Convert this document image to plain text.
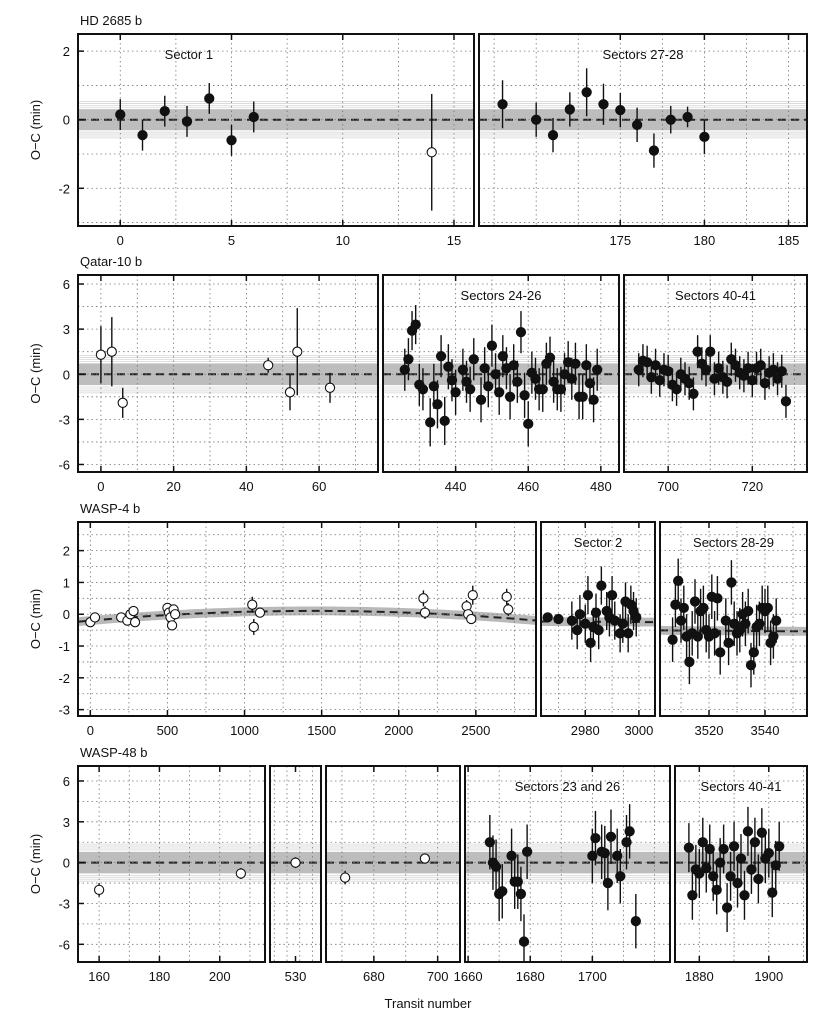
Transit number
HD 2685 b
O−C (min)
2
0
-2
0	5	10	15
Sector 1
175	180	185
Sectors 27-28
Qatar-10 b
O−C (min)
6
3
0
-3
-6
0	20	40	60	440	460	480
Sectors 24-26
700	720
Sectors 40-41
WASP-4 b
O−C (min)
2
1
0
-1
-2
-3
0	500	1000	1500	2000	2500	2980 3000
Sector 2
3520 3540
Sectors 28-29
WASP-48 b
O−C (min)
6
3
0
-3
-6
160	180	200	530	680	700 1660	1680	1700
Sectors 23 and 26
1880	1900
Sectors 40-41
